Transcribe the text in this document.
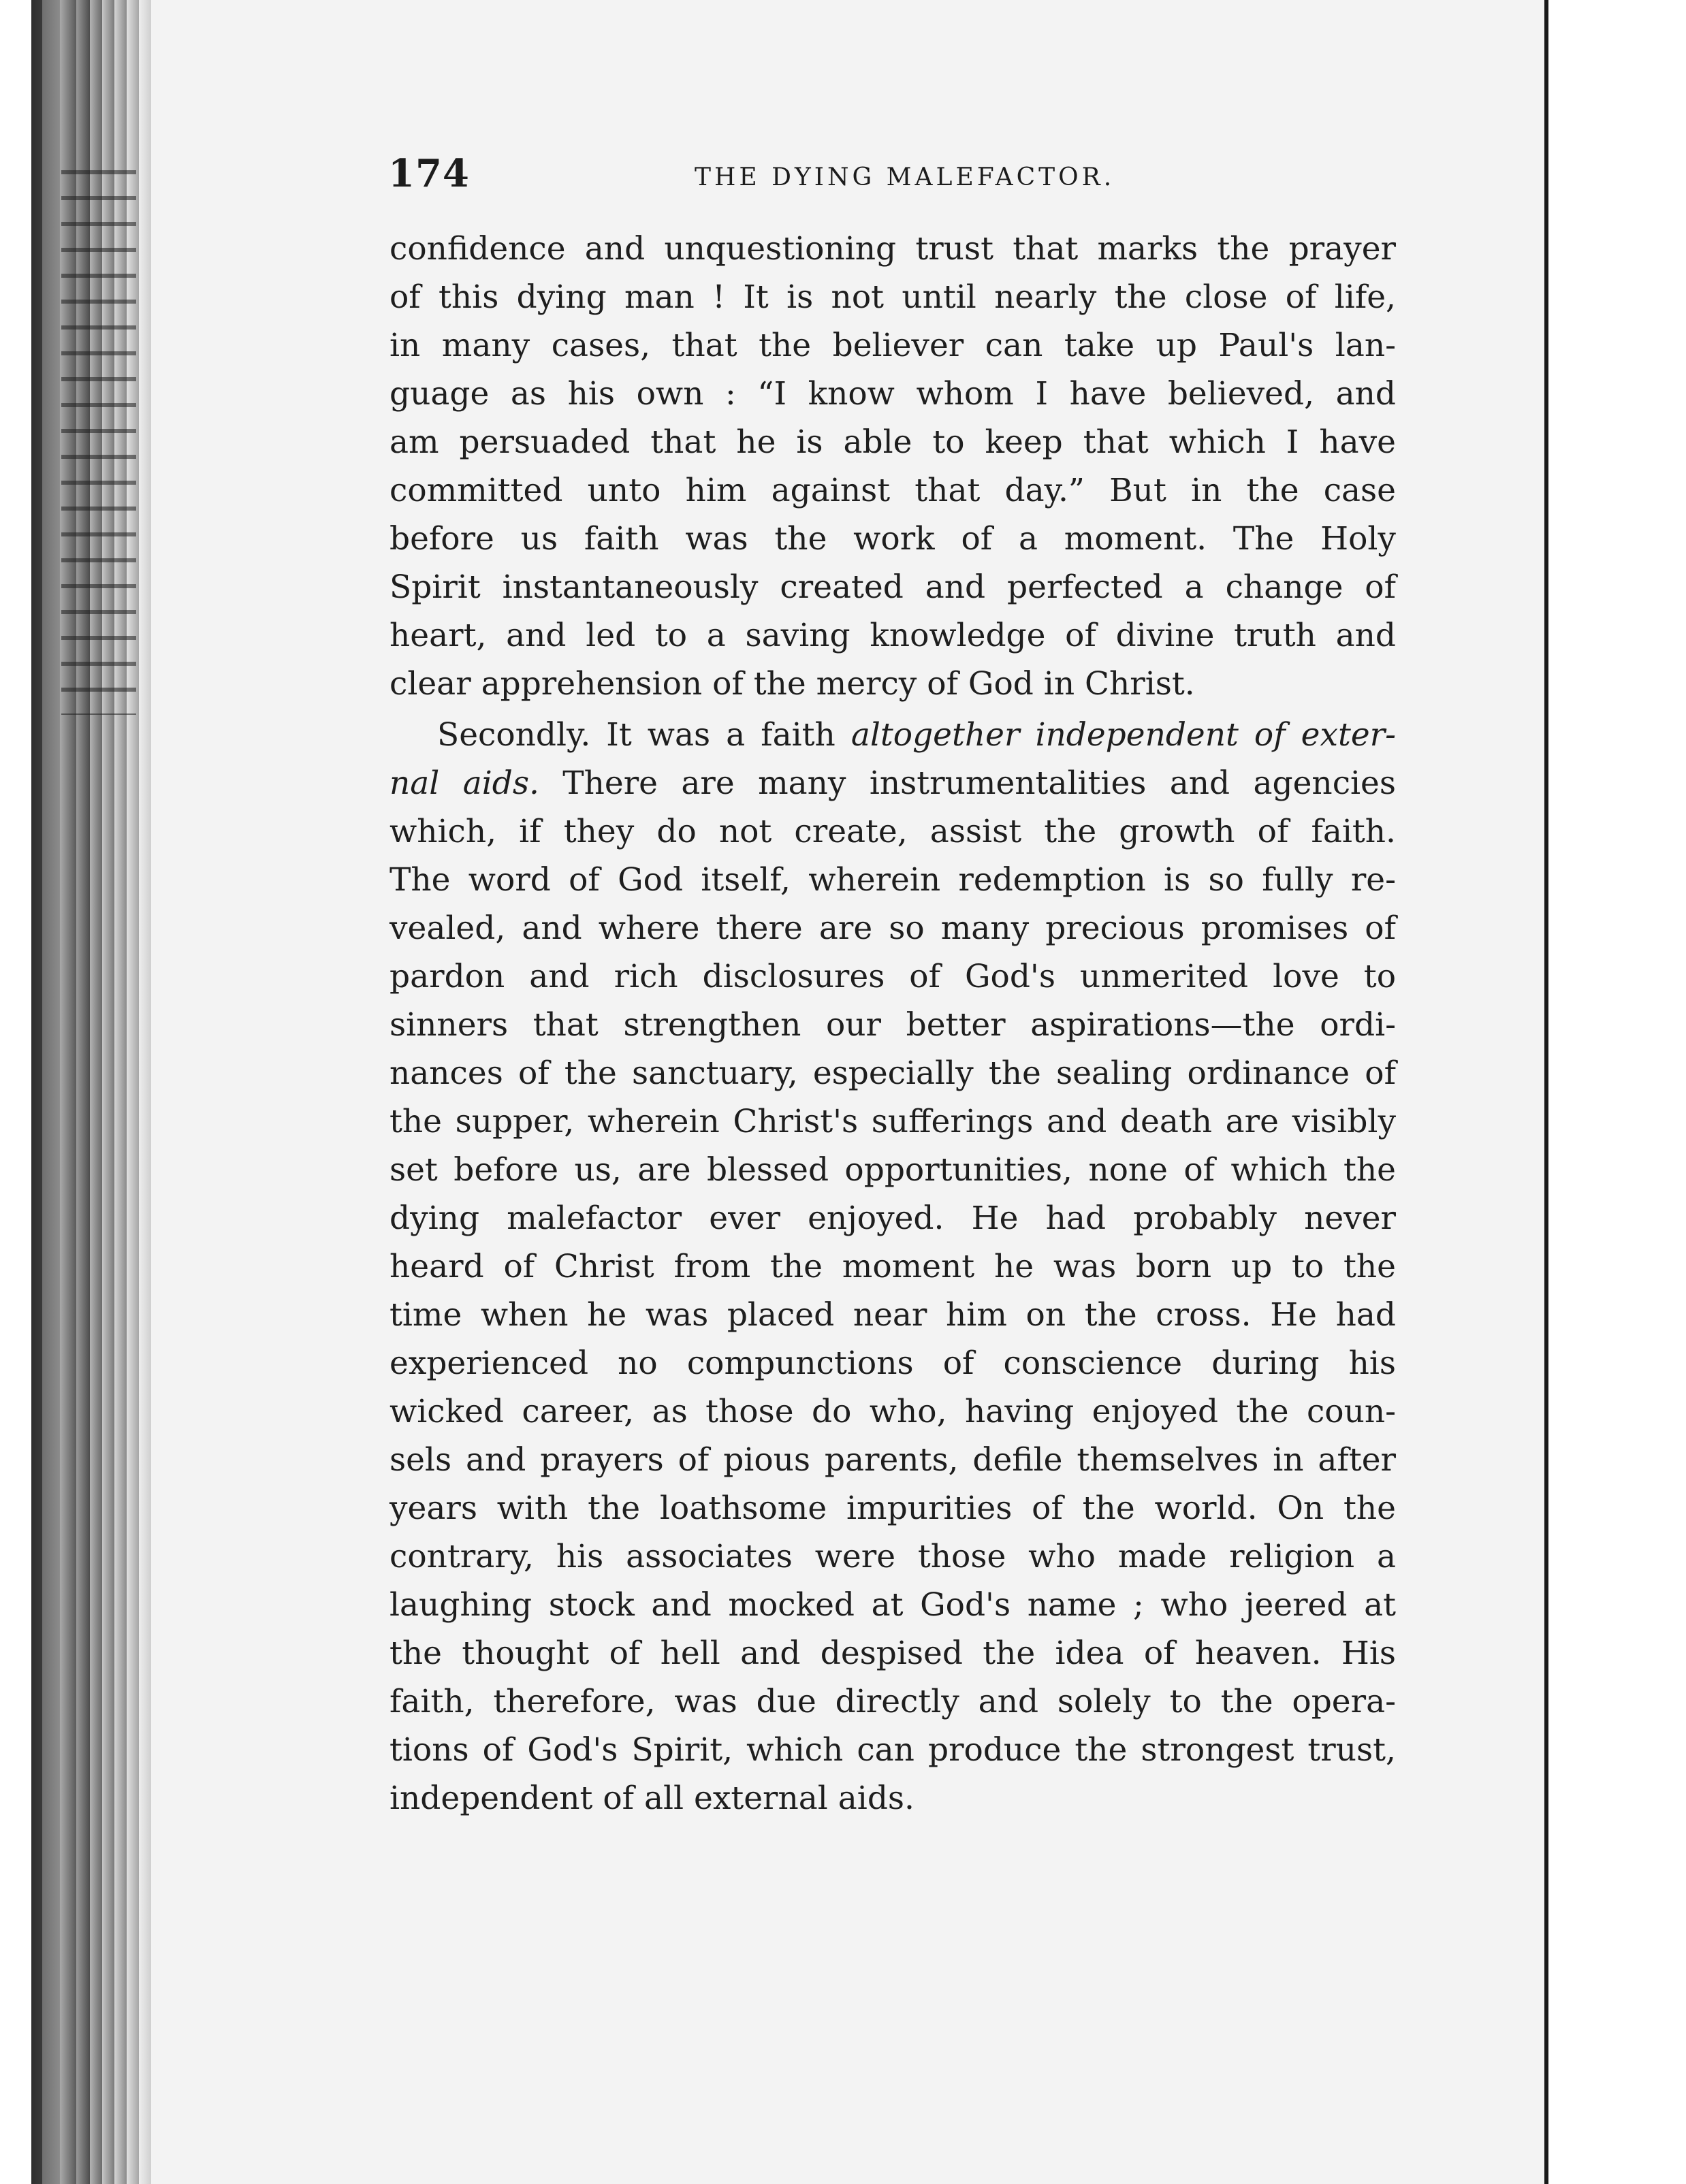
174	THE DYING MALEFACTOR.
confidence and unquestioning trust that marks the prayer
of this dying man ! It is not until nearly the close of life,
in many cases, that the believer can take up Paul's lan-
guage as his own : “I know whom I have believed, and
am persuaded that he is able to keep that which I have
committed unto him against that day.” But in the case
before us faith was the work of a moment. The Holy
Spirit instantaneously created and perfected a change of
heart, and led to a saving knowledge of divine truth and
clear apprehension of the mercy of God in Christ.
Secondly. It was a faith altogether independent of exter-
nal aids. There are many instrumentalities and agencies
which, if they do not create, assist the growth of faith.
The word of God itself, wherein redemption is so fully re-
vealed, and where there are so many precious promises of
pardon and rich disclosures of God's unmerited love to
sinners that strengthen our better aspirations—the ordi-
nances of the sanctuary, especially the sealing ordinance of
the supper, wherein Christ's sufferings and death are visibly
set before us, are blessed opportunities, none of which the
dying malefactor ever enjoyed. He had probably never
heard of Christ from the moment he was born up to the
time when he was placed near him on the cross. He had
experienced no compunctions of conscience during his
wicked career, as those do who, having enjoyed the coun-
sels and prayers of pious parents, defile themselves in after
years with the loathsome impurities of the world. On the
contrary, his associates were those who made religion a
laughing stock and mocked at God's name ; who jeered at
the thought of hell and despised the idea of heaven. His
faith, therefore, was due directly and solely to the opera-
tions of God's Spirit, which can produce the strongest trust,
independent of all external aids.
